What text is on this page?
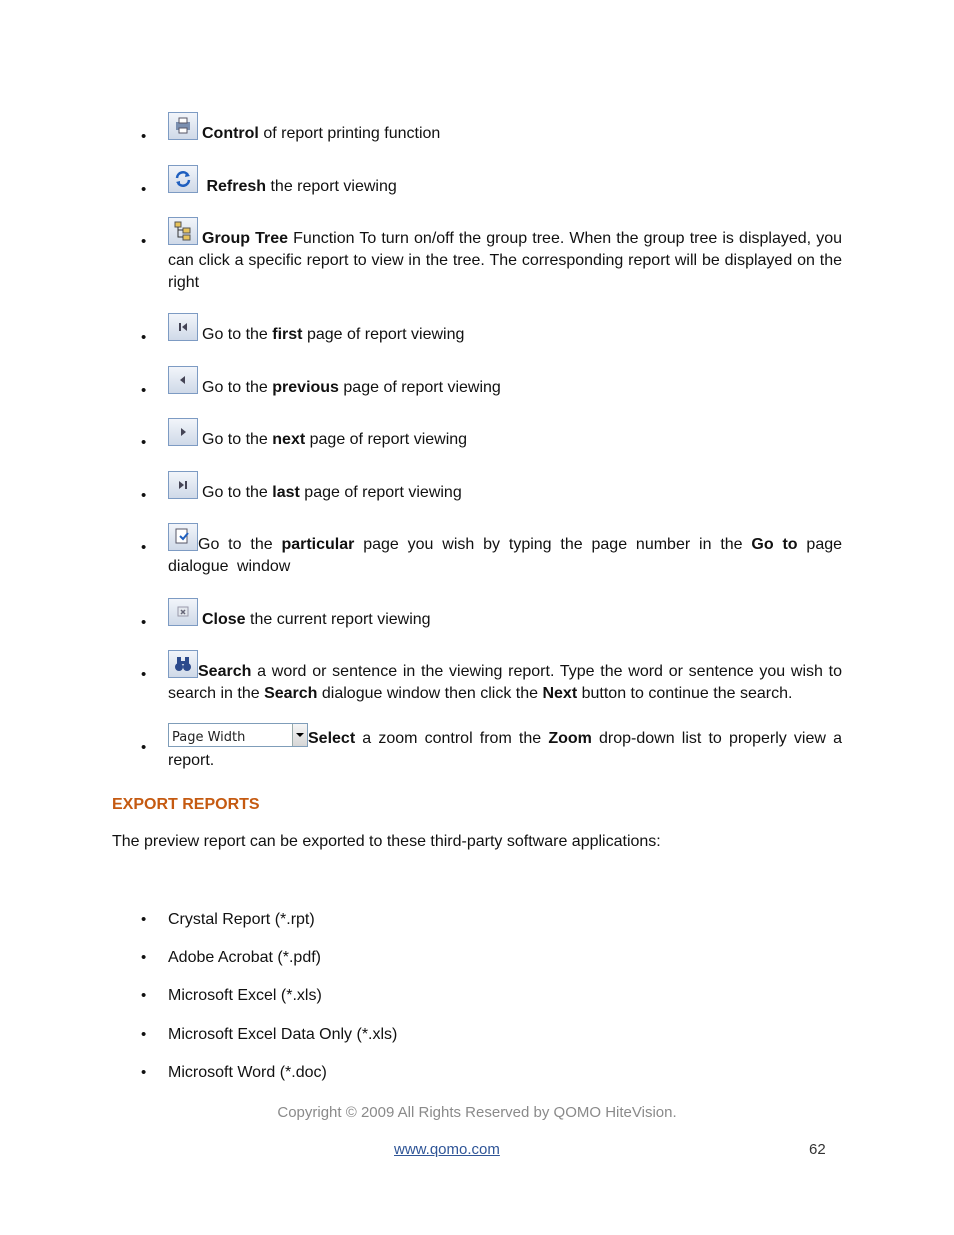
•
•
•
•
•
•
•
•
•
•
•
Control of report printing function
Refresh the report viewing
Group Tree Function To turn on/off the group tree. When the group tree is displayed, you can click a specific report to view in the tree. The corresponding report will be displayed on the right
Go to the first page of report viewing
Go to the previous page of report viewing
Go to the next page of report viewing
Go to the last page of report viewing
Go to the particular page you wish by typing the page number in the Go to page dialogue window
Close the current report viewing
Search a word or sentence in the viewing report. Type the word or sentence you wish to search in the Search dialogue window then click the Next button to continue the search.
Page Width	Select a zoom control from the Zoom drop-down list to properly view a report.
EXPORT REPORTS
The preview report can be exported to these third-party software applications:
• Crystal Report (*.rpt)
• Adobe Acrobat (*.pdf)
• Microsoft Excel (*.xls)
• Microsoft Excel Data Only (*.xls)
• Microsoft Word (*.doc)
Copyright © 2009 All Rights Reserved by QOMO HiteVision.
www.qomo.com	62
